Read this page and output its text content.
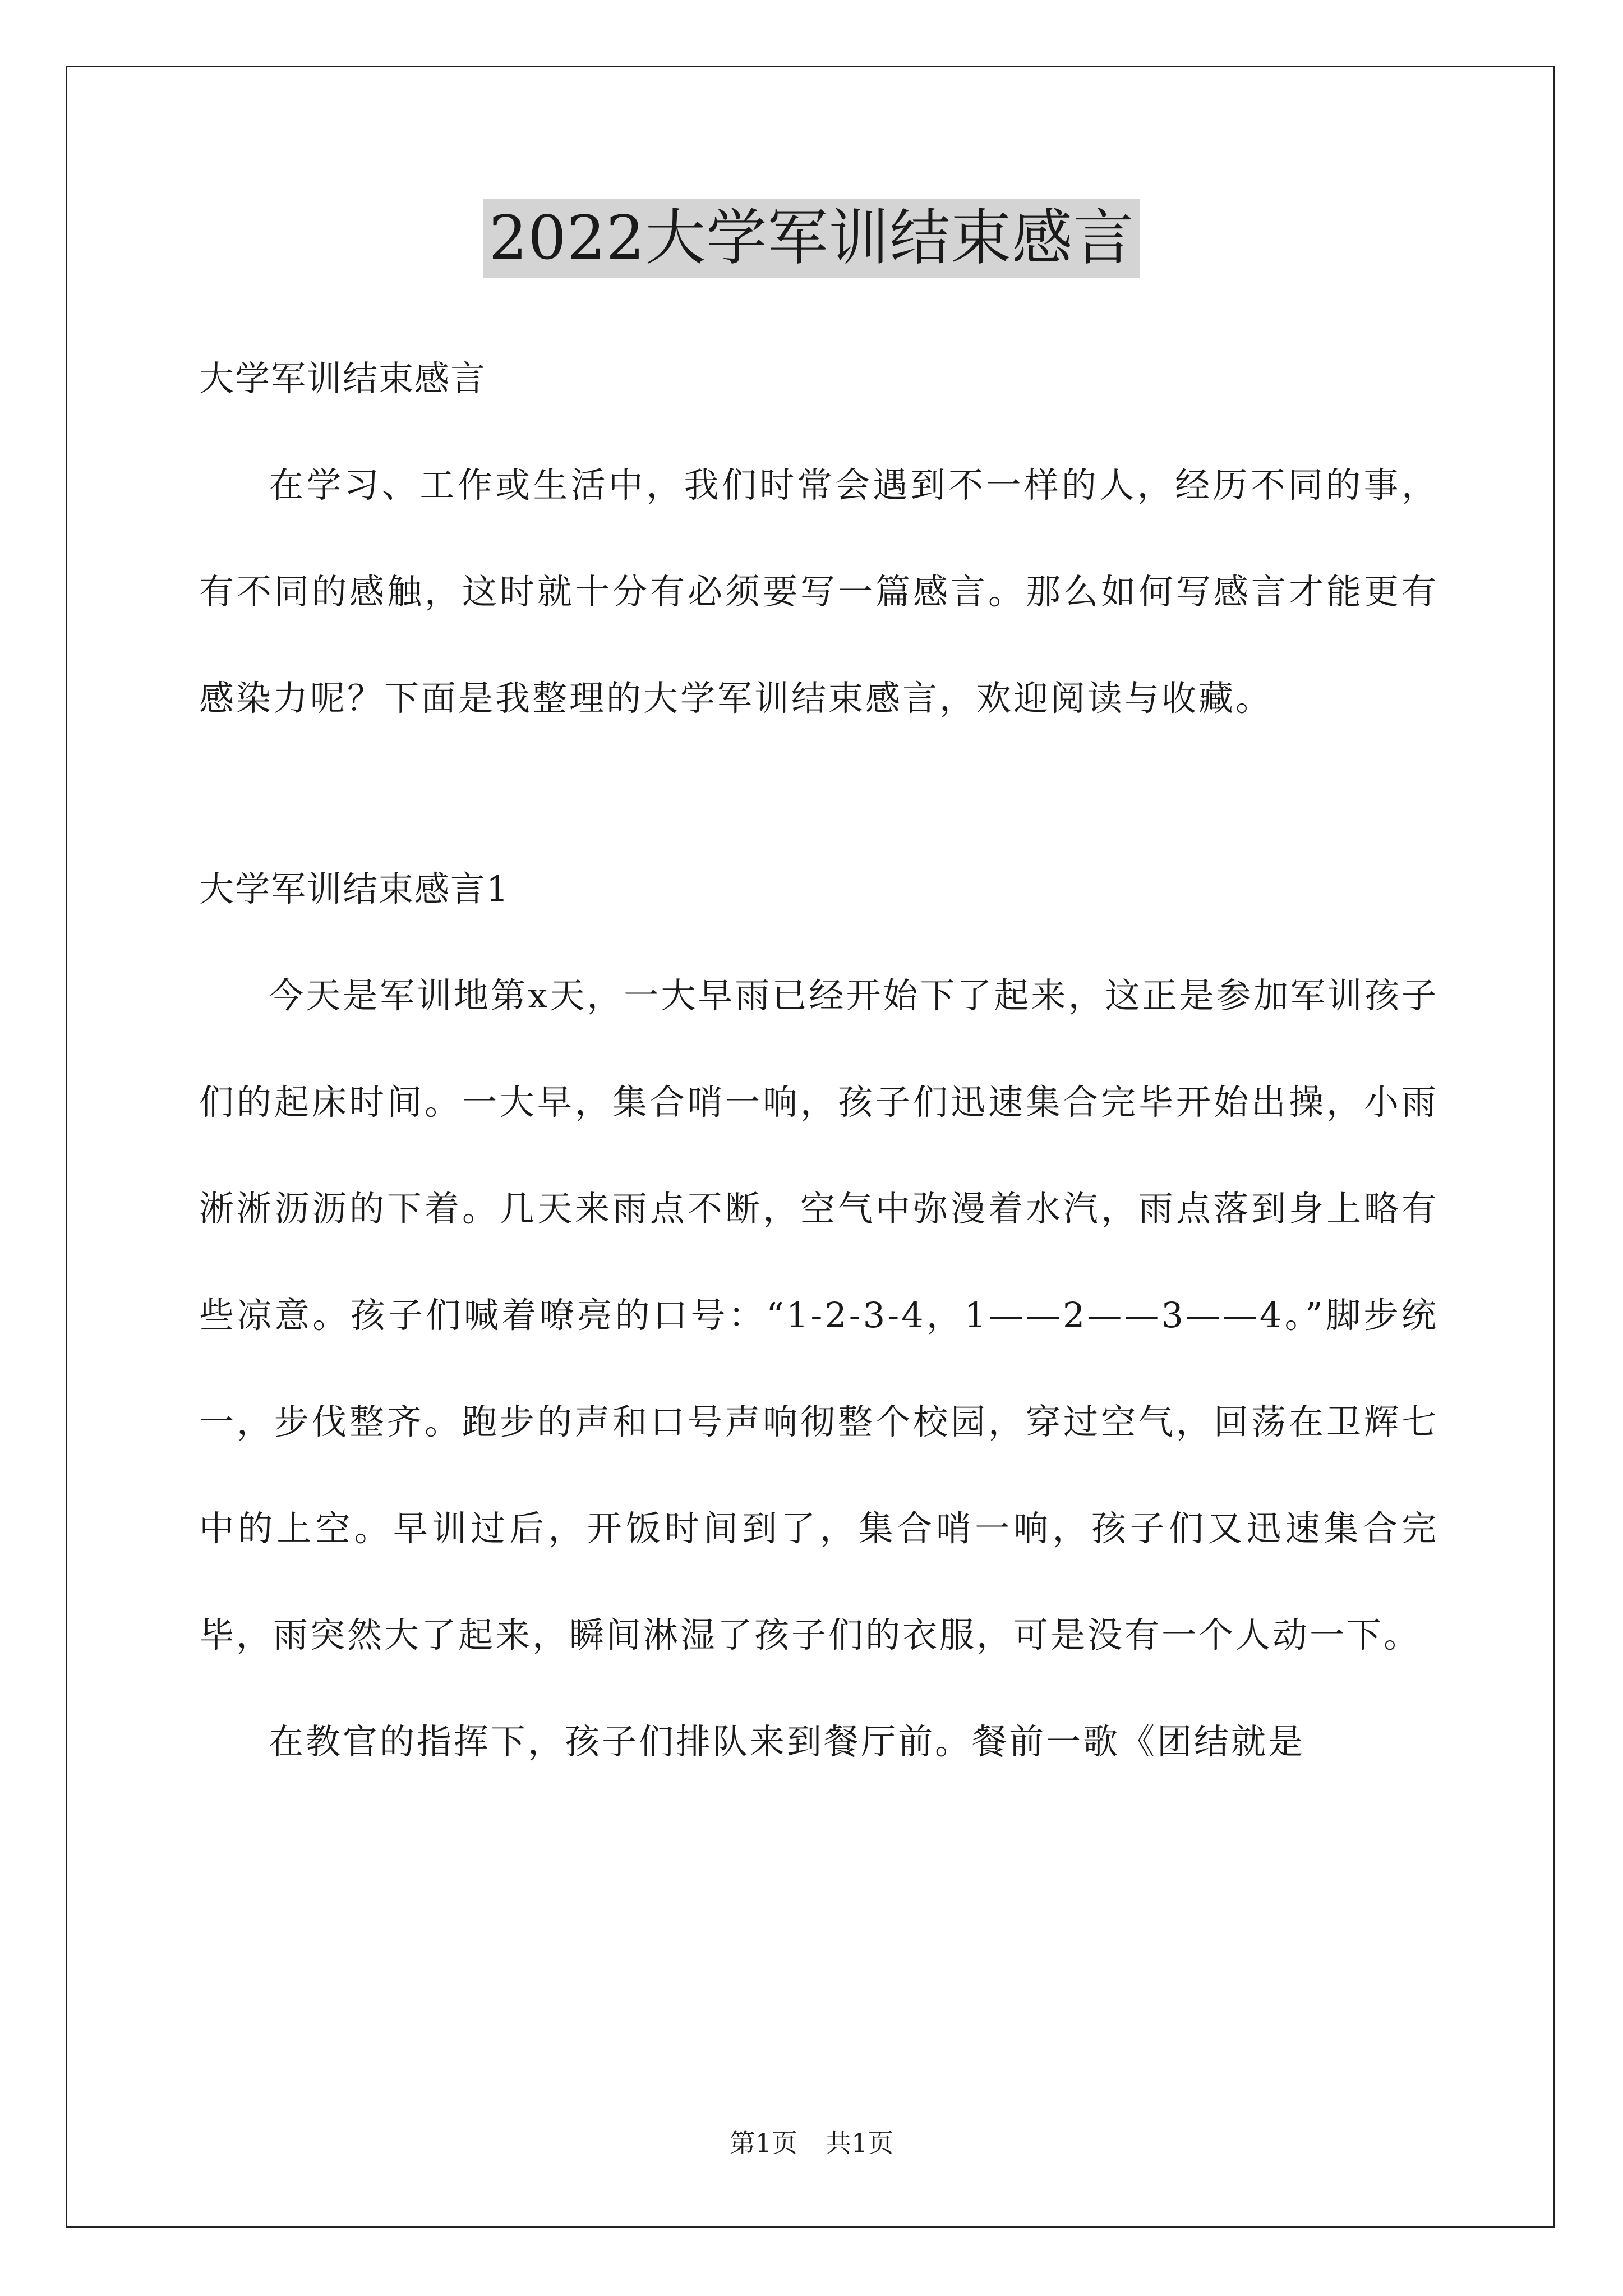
2022大学军训结束感言

大学军训结束感言

在学习、工作或生活中，我们时常会遇到不一样的人，经历不同的事，有不同的感触，这时就十分有必须要写一篇感言。那么如何写感言才能更有感染力呢？下面是我整理的大学军训结束感言，欢迎阅读与收藏。

大学军训结束感言1

今天是军训地第x天，一大早雨已经开始下了起来，这正是参加军训孩子们的起床时间。一大早，集合哨一响，孩子们迅速集合完毕开始出操，小雨淅淅沥沥的下着。几天来雨点不断，空气中弥漫着水汽，雨点落到身上略有些凉意。孩子们喊着嘹亮的口号：“1-2-3-4，1——2——3——4。”脚步统一，步伐整齐。跑步的声和口号声响彻整个校园，穿过空气，回荡在卫辉七中的上空。早训过后，开饭时间到了，集合哨一响，孩子们又迅速集合完毕，雨突然大了起来，瞬间淋湿了孩子们的衣服，可是没有一个人动一下。

在教官的指挥下，孩子们排队来到餐厅前。餐前一歌《团结就是

第1页 共1页
